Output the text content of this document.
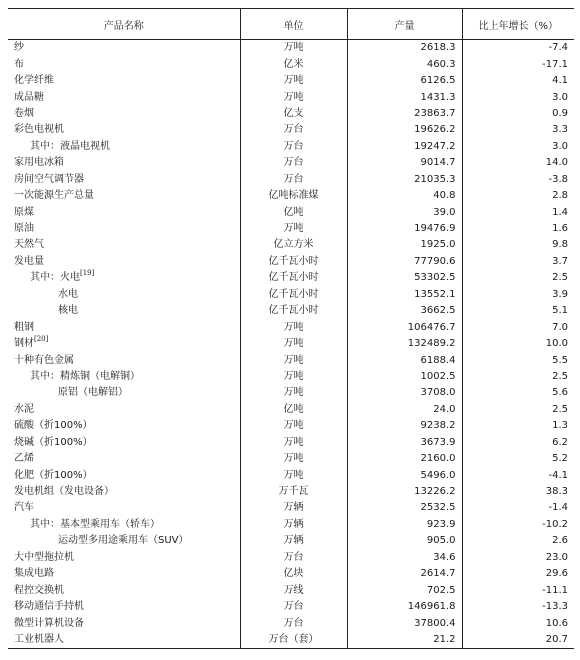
产品名称	单位	产量	比上年增长（%）
纱	万吨	2618.3	-7.4
布	亿米	460.3	-17.1
化学纤维	万吨	6126.5	4.1
成品糖	万吨	1431.3	3.0
卷烟	亿支	23863.7	0.9
彩色电视机	万台	19626.2	3.3
其中：液晶电视机	万台	19247.2	3.0
家用电冰箱	万台	9014.7	14.0
房间空气调节器	万台	21035.3	-3.8
一次能源生产总量	亿吨标准煤	40.8	2.8
原煤	亿吨	39.0	1.4
原油	万吨	19476.9	1.6
天然气	亿立方米	1925.0	9.8
发电量	亿千瓦小时	77790.6	3.7
其中：火电[19]	亿千瓦小时	53302.5	2.5
水电	亿千瓦小时	13552.1	3.9
核电	亿千瓦小时	3662.5	5.1
粗钢	万吨	106476.7	7.0
钢材[20]	万吨	132489.2	10.0
十种有色金属	万吨	6188.4	5.5
其中：精炼铜（电解铜）	万吨	1002.5	2.5
原铝（电解铝）	万吨	3708.0	5.6
水泥	亿吨	24.0	2.5
硫酸（折100%）	万吨	9238.2	1.3
烧碱（折100%）	万吨	3673.9	6.2
乙烯	万吨	2160.0	5.2
化肥（折100%）	万吨	5496.0	-4.1
发电机组（发电设备）	万千瓦	13226.2	38.3
汽车	万辆	2532.5	-1.4
其中：基本型乘用车（轿车）	万辆	923.9	-10.2
运动型多用途乘用车（SUV）	万辆	905.0	2.6
大中型拖拉机	万台	34.6	23.0
集成电路	亿块	2614.7	29.6
程控交换机	万线	702.5	-11.1
移动通信手持机	万台	146961.8	-13.3
微型计算机设备	万台	37800.4	10.6
工业机器人	万台（套）	21.2	20.7
